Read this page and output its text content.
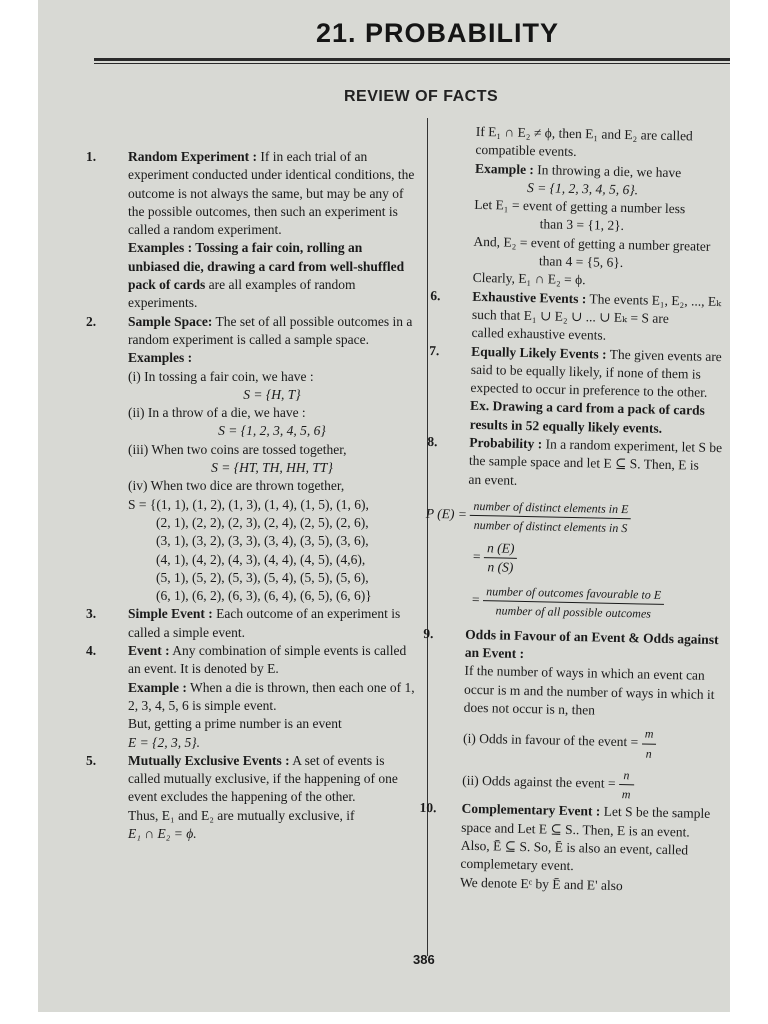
21. PROBABILITY
REVIEW OF FACTS
1. Random Experiment : If in each trial of an experiment conducted under identical conditions, the outcome is not always the same, but may be any of the possible outcomes, then such an experiment is called a random experiment.
Examples : Tossing a fair coin, rolling an unbiased die, drawing a card from well-shuffled pack of cards are all examples of random experiments.
2. Sample Space: The set of all possible outcomes in a random experiment is called a sample space.
Examples :
(i) In tossing a fair coin, we have :
S = {H, T}
(ii) In a throw of a die, we have :
S = {1, 2, 3, 4, 5, 6}
(iii) When two coins are tossed together,
S = {HT, TH, HH, TT}
(iv) When two dice are thrown together,
S = {(1, 1), (1, 2), (1, 3), (1, 4), (1, 5), (1, 6),
(2, 1), (2, 2), (2, 3), (2, 4), (2, 5), (2, 6),
(3, 1), (3, 2), (3, 3), (3, 4), (3, 5), (3, 6),
(4, 1), (4, 2), (4, 3), (4, 4), (4, 5), (4,6),
(5, 1), (5, 2), (5, 3), (5, 4), (5, 5), (5, 6),
(6, 1), (6, 2), (6, 3), (6, 4), (6, 5), (6, 6)}
3. Simple Event : Each outcome of an experiment is called a simple event.
4. Event : Any combination of simple events is called an event. It is denoted by E.
Example : When a die is thrown, then each one of 1, 2, 3, 4, 5, 6 is simple event.
But, getting a prime number is an event
E = {2, 3, 5}.
5. Mutually Exclusive Events : A set of events is called mutually exclusive, if the happening of one event excludes the happening of the other.
Thus, E₁ and E₂ are mutually exclusive, if
E₁ ∩ E₂ = ϕ.
If E₁ ∩ E₂ ≠ ϕ, then E₁ and E₂ are called
compatible events.
Example : In throwing a die, we have
S = {1, 2, 3, 4, 5, 6}.
Let E₁ = event of getting a number less
than 3 = {1, 2}.
And, E₂ = event of getting a number greater
than 4 = {5, 6}.
Clearly, E₁ ∩ E₂ = ϕ.
6. Exhaustive Events : The events E₁, E₂, ..., Eₖ
such that E₁ ∪ E₂ ∪ ... ∪ Eₖ = S are
called exhaustive events.
7. Equally Likely Events : The given events are said to be equally likely, if none of them is expected to occur in preference to the other.
Ex. Drawing a card from a pack of cards results in 52 equally likely events.
8. Probability : In a random experiment, let S be
the sample space and let E ⊆ S. Then, E is
an event.
P $(E) = \frac{\text{number of distinct elements in E}}{\text{number of distinct elements in S}}$
= $\frac{n (E)}{n (S)}$
= $\frac{\text{number of outcomes favourable to E}}{\text{number of all possible outcomes}}$
9. Odds in Favour of an Event & Odds against an Event :
If the number of ways in which an event can occur is m and the number of ways in which it does not occur is n, then
(i) Odds in favour of the event = $\frac{m}{n}$
(ii) Odds against the event = $\frac{n}{m}$
10. Complementary Event : Let S be the sample
space and Let E ⊆ S.. Then, E is an event.
Also, Ē ⊆ S. So, Ē is also an event, called
complemetary event.
We denote Eᶜ by Ē and E' also
386
